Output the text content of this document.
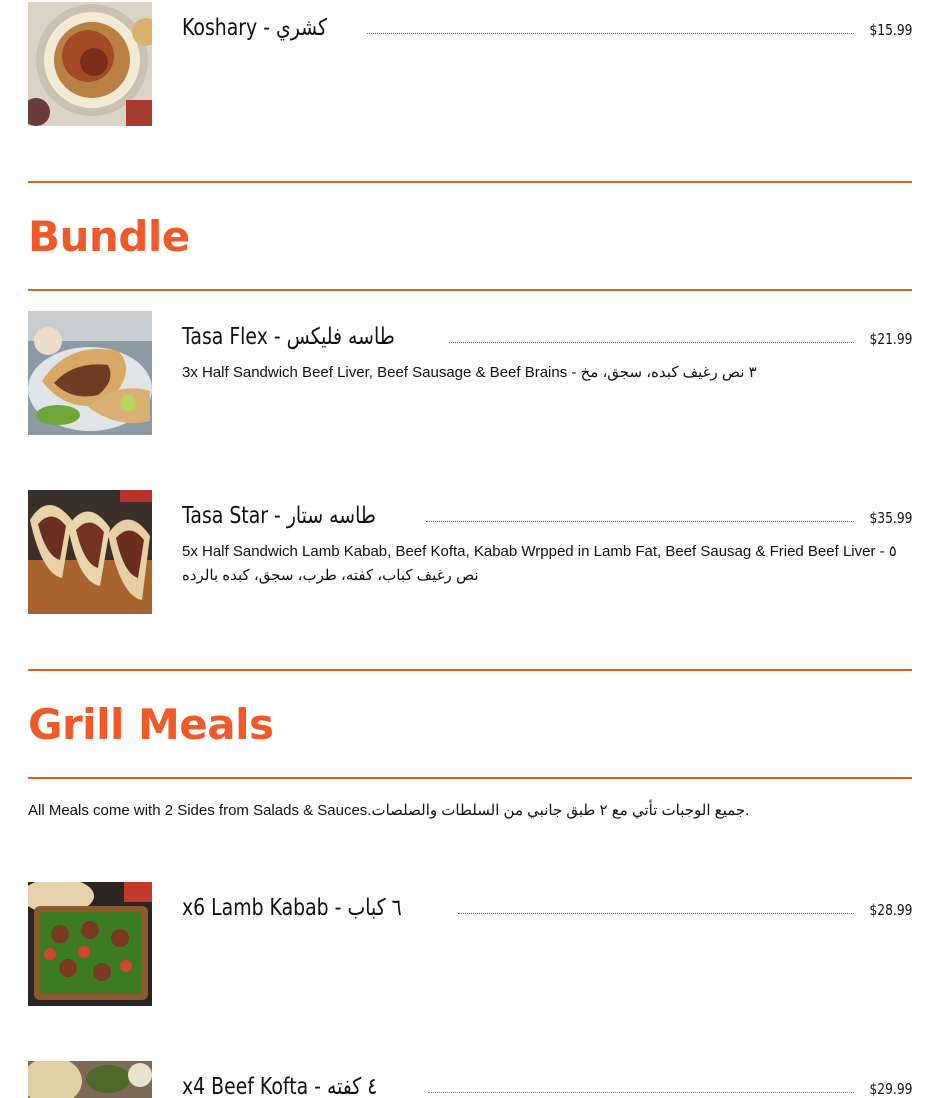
Koshary - كشري	$15.99
Bundle
Tasa Flex - طاسه فليكس	$21.99
3x Half Sandwich Beef Liver, Beef Sausage & Beef Brains - ٣ نص رغيف كبده، سجق، مخ
Tasa Star - طاسه ستار	$35.99
5x Half Sandwich Lamb Kabab, Beef Kofta, Kabab Wrpped in Lamb Fat, Beef Sausag & Fried Beef Liver - ٥ نص رغيف كباب، كفته، طرب، سجق، كبده بالرده
Grill Meals
All Meals come with 2 Sides from Salads & Sauces.جميع الوجبات تأتي مع ٢ طبق جانبي من السلطات والصلصات.
x6 Lamb Kabab - ٦ كباب	$28.99
x4 Beef Kofta - ٤ كفته	$29.99
